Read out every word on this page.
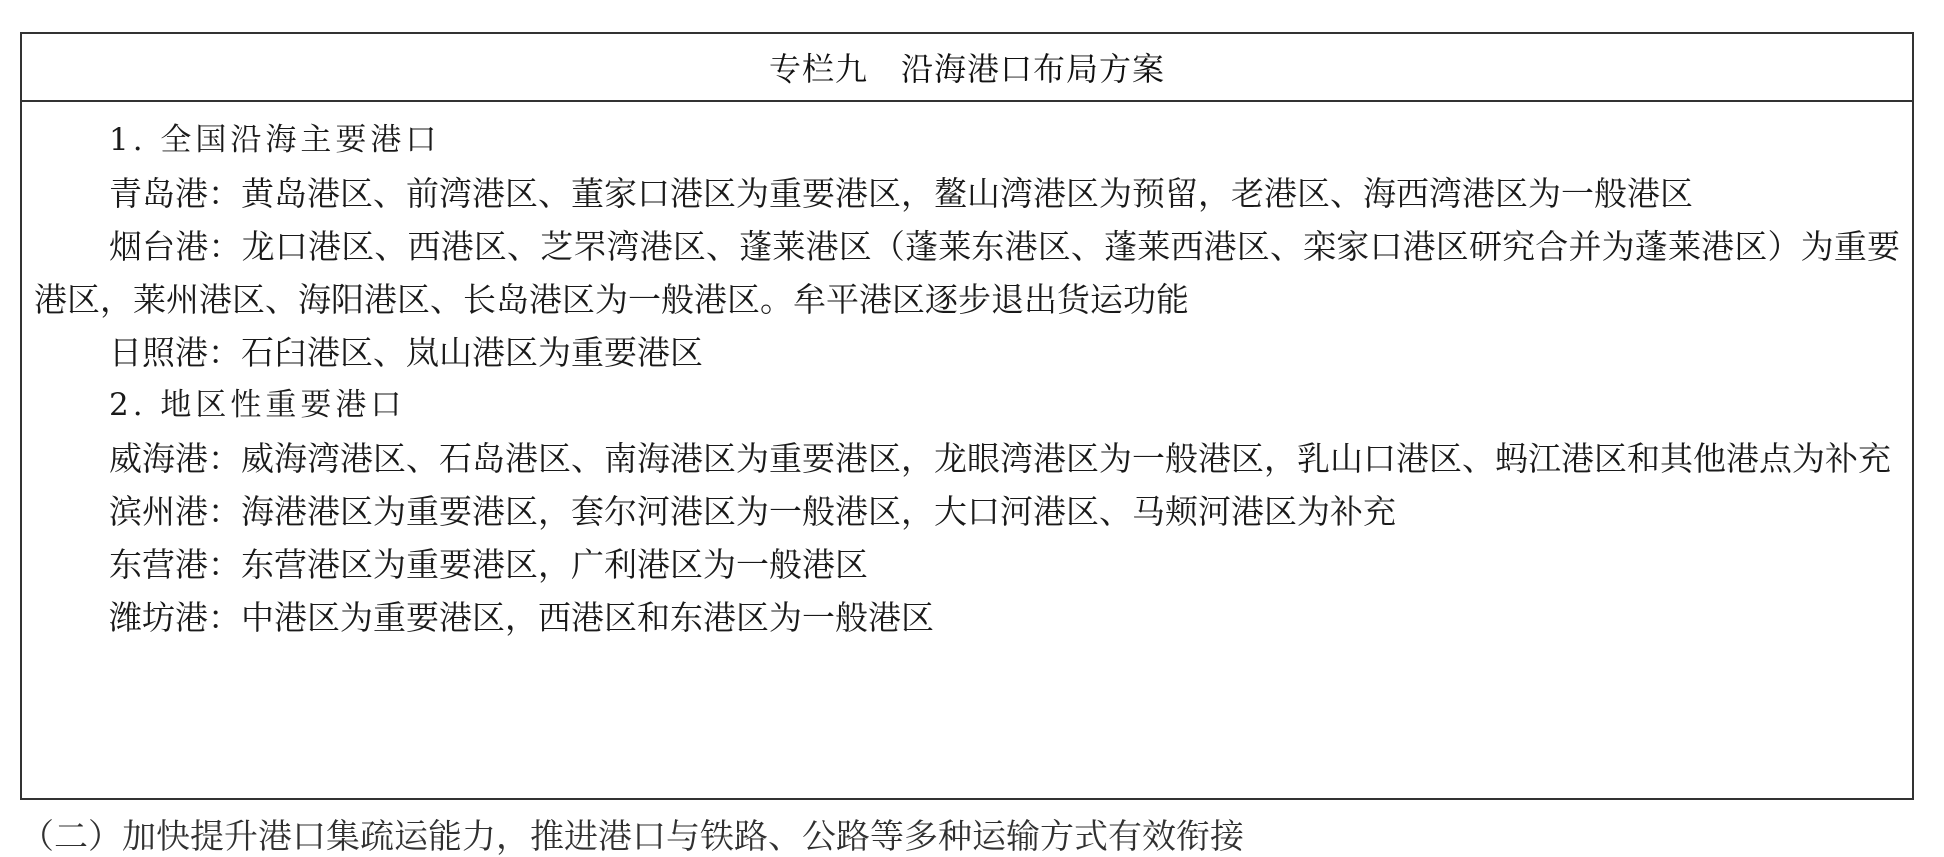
专栏九　沿海港口布局方案

1. 全国沿海主要港口

青岛港：黄岛港区、前湾港区、董家口港区为重要港区，鳌山湾港区为预留，老港区、海西湾港区为一般港区

烟台港：龙口港区、西港区、芝罘湾港区、蓬莱港区（蓬莱东港区、蓬莱西港区、栾家口港区研究合并为蓬莱港区）为重要港区，莱州港区、海阳港区、长岛港区为一般港区。牟平港区逐步退出货运功能

日照港：石臼港区、岚山港区为重要港区

2. 地区性重要港口

威海港：威海湾港区、石岛港区、南海港区为重要港区，龙眼湾港区为一般港区，乳山口港区、蚂江港区和其他港点为补充

滨州港：海港港区为重要港区，套尔河港区为一般港区，大口河港区、马颊河港区为补充

东营港：东营港区为重要港区，广利港区为一般港区

潍坊港：中港区为重要港区，西港区和东港区为一般港区

（二）加快提升港口集疏运能力，推进港口与铁路、公路等多种运输方式有效衔接
